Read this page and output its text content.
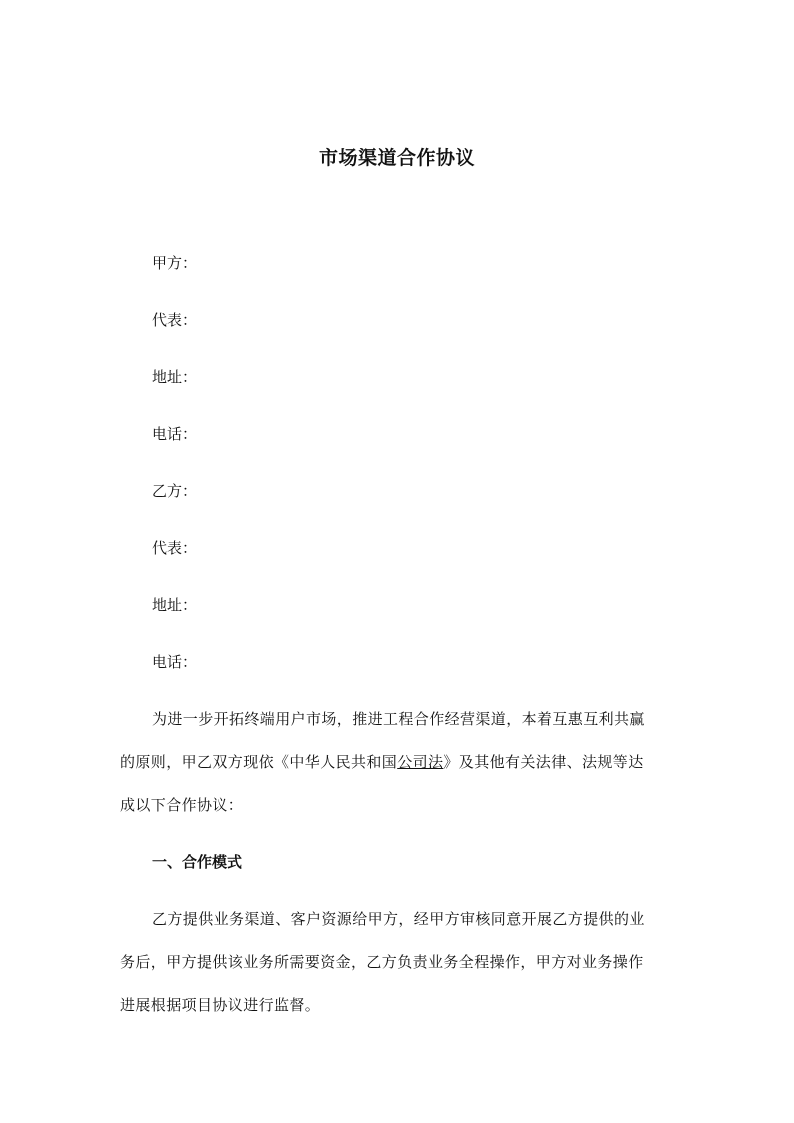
市场渠道合作协议
甲方：
代表：
地址：
电话：
乙方：
代表：
地址：
电话：
为进一步开拓终端用户市场，推进工程合作经营渠道，本着互惠互利共赢
的原则，甲乙双方现依《中华人民共和国公司法》及其他有关法律、法规等达
成以下合作协议：
一、合作模式
乙方提供业务渠道、客户资源给甲方，经甲方审核同意开展乙方提供的业
务后，甲方提供该业务所需要资金，乙方负责业务全程操作，甲方对业务操作
进展根据项目协议进行监督。
